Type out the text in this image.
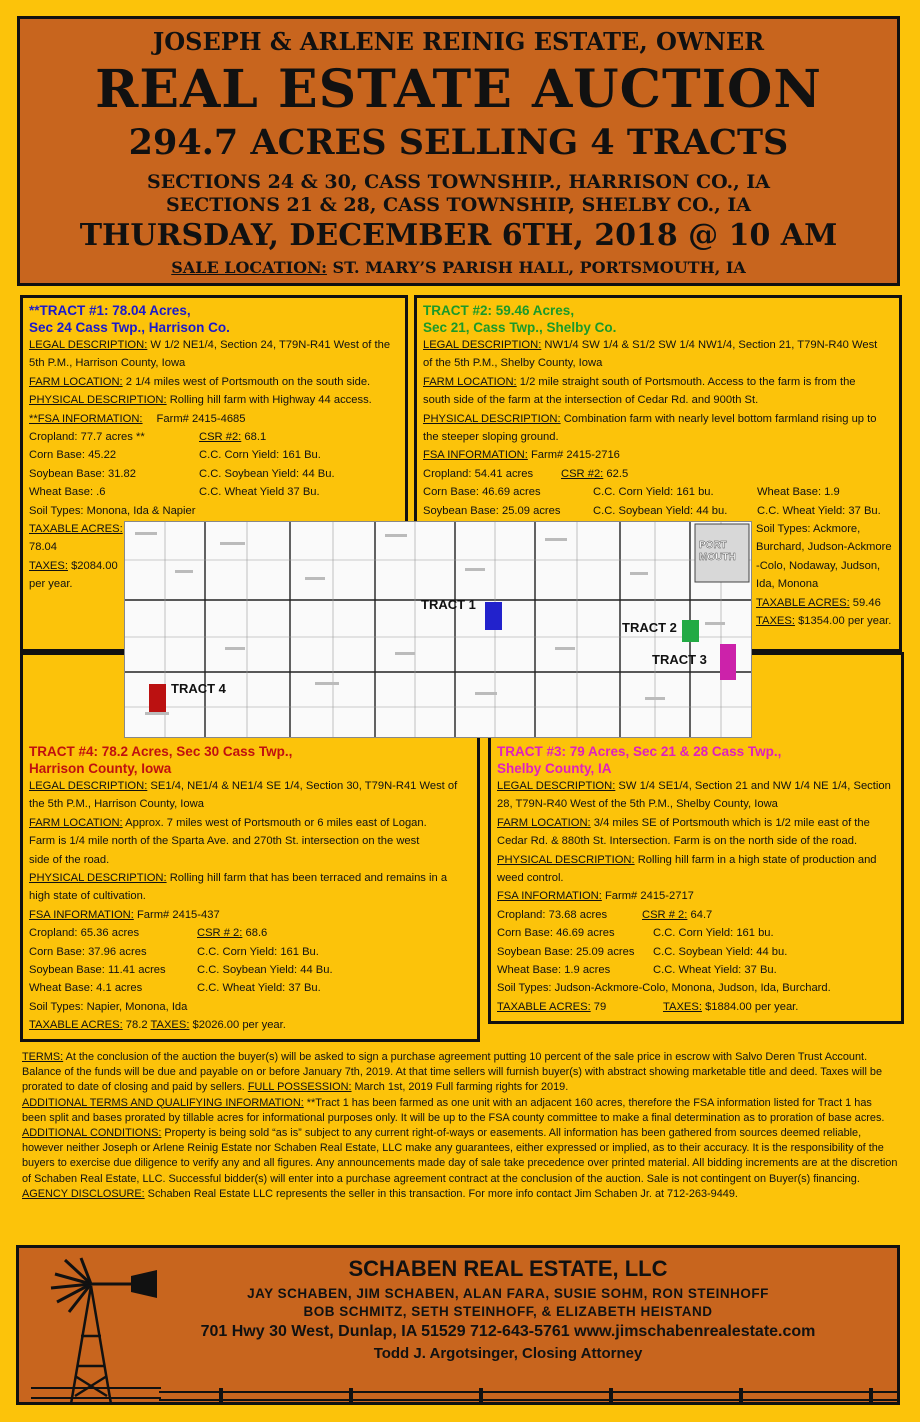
JOSEPH & ARLENE REINIG ESTATE, OWNER
REAL ESTATE AUCTION
294.7 ACRES SELLING 4 TRACTS
SECTIONS 24 & 30, CASS TOWNSHIP., HARRISON CO., IA
SECTIONS 21 & 28, CASS TOWNSHIP, SHELBY CO., IA
THURSDAY, DECEMBER 6TH, 2018 @ 10 AM
SALE LOCATION: ST. MARY’S PARISH HALL, PORTSMOUTH, IA
**TRACT #1: 78.04 Acres,
Sec 24 Cass Twp., Harrison Co.
LEGAL DESCRIPTION: W 1/2 NE1/4, Section 24, T79N-R41 West of the
5th P.M., Harrison County, Iowa
FARM LOCATION: 2 1/4 miles west of Portsmouth on the south side.
PHYSICAL DESCRIPTION: Rolling hill farm with Highway 44 access.
**FSA INFORMATION: Farm# 2415-4685
Cropland: 77.7 acres **	CSR #2: 68.1
Corn Base: 45.22	C.C. Corn Yield: 161 Bu.
Soybean Base: 31.82	C.C. Soybean Yield: 44 Bu.
Wheat Base: .6	C.C. Wheat Yield 37 Bu.
Soil Types: Monona, Ida & Napier
TAXABLE ACRES:
78.04
TAXES: $2084.00
per year.
TRACT #2: 59.46 Acres,
Sec 21, Cass Twp., Shelby Co.
LEGAL DESCRIPTION: NW1/4 SW 1/4 & S1/2 SW 1/4 NW1/4, Section 21, T79N-R40 West
of the 5th P.M., Shelby County, Iowa
FARM LOCATION: 1/2 mile straight south of Portsmouth. Access to the farm is from the
south side of the farm at the intersection of Cedar Rd. and 900th St.
PHYSICAL DESCRIPTION: Combination farm with nearly level bottom farmland rising up to
the steeper sloping ground.
FSA INFORMATION: Farm# 2415-2716
Cropland: 54.41 acres CSR #2: 62.5
Corn Base: 46.69 acres	C.C. Corn Yield: 161 bu.	Wheat Base: 1.9
Soybean Base: 25.09 acres	C.C. Soybean Yield: 44 bu.	C.C. Wheat Yield: 37 Bu.
Soil Types: Ackmore,
Burchard, Judson-Ackmore
-Colo, Nodaway, Judson,
Ida, Monona
TAXABLE ACRES: 59.46
TAXES: $1354.00 per year.
TRACT #4: 78.2 Acres, Sec 30 Cass Twp.,
Harrison County, Iowa
LEGAL DESCRIPTION: SE1/4, NE1/4 & NE1/4 SE 1/4, Section 30, T79N-R41 West of
the 5th P.M., Harrison County, Iowa
FARM LOCATION: Approx. 7 miles west of Portsmouth or 6 miles east of Logan.
Farm is 1/4 mile north of the Sparta Ave. and 270th St. intersection on the west
side of the road.
PHYSICAL DESCRIPTION: Rolling hill farm that has been terraced and remains in a
high state of cultivation.
FSA INFORMATION: Farm# 2415-437
Cropland: 65.36 acres	CSR # 2: 68.6
Corn Base: 37.96 acres	C.C. Corn Yield: 161 Bu.
Soybean Base: 11.41 acres	C.C. Soybean Yield: 44 Bu.
Wheat Base: 4.1 acres	C.C. Wheat Yield: 37 Bu.
Soil Types: Napier, Monona, Ida
TAXABLE ACRES: 78.2 TAXES: $2026.00 per year.
TRACT #3: 79 Acres, Sec 21 & 28 Cass Twp.,
Shelby County, IA
LEGAL DESCRIPTION: SW 1/4 SE1/4, Section 21 and NW 1/4 NE 1/4, Section
28, T79N-R40 West of the 5th P.M., Shelby County, Iowa
FARM LOCATION: 3/4 miles SE of Portsmouth which is 1/2 mile east of the
Cedar Rd. & 880th St. Intersection. Farm is on the north side of the road.
PHYSICAL DESCRIPTION: Rolling hill farm in a high state of production and
weed control.
FSA INFORMATION: Farm# 2415-2717
Cropland: 73.68 acres	CSR # 2: 64.7
Corn Base: 46.69 acres	C.C. Corn Yield: 161 bu.
Soybean Base: 25.09 acres C.C. Soybean Yield: 44 bu.
Wheat Base: 1.9 acres	C.C. Wheat Yield: 37 Bu.
Soil Types: Judson-Ackmore-Colo, Monona, Judson, Ida, Burchard.
TAXABLE ACRES: 79	TAXES: $1884.00 per year.
TRACT 1
TRACT 2
TRACT 3
TRACT 4
PORT
MOUTH
TERMS: At the conclusion of the auction the buyer(s) will be asked to sign a purchase agreement putting 10 percent of the sale price in escrow with Salvo Deren Trust Account. Balance of the funds will be due and payable on or before January 7th, 2019. At that time sellers will furnish buyer(s) with abstract showing marketable title and deed. Taxes will be prorated to date of closing and paid by sellers. FULL POSSESSION: March 1st, 2019 Full farming rights for 2019.
ADDITIONAL TERMS AND QUALIFYING INFORMATION: **Tract 1 has been farmed as one unit with an adjacent 160 acres, therefore the FSA information listed for Tract 1 has been split and bases prorated by tillable acres for informational purposes only. It will be up to the FSA county committee to make a final determination as to proration of base acres.
ADDITIONAL CONDITIONS: Property is being sold “as is” subject to any current right-of-ways or easements. All information has been gathered from sources deemed reliable, however neither Joseph or Arlene Reinig Estate nor Schaben Real Estate, LLC make any guarantees, either expressed or implied, as to their accuracy. It is the responsibility of the buyers to exercise due diligence to verify any and all figures. Any announcements made day of sale take precedence over printed material. All bidding increments are at the discretion of Schaben Real Estate, LLC. Successful bidder(s) will enter into a purchase agreement contract at the conclusion of the auction. Sale is not contingent on Buyer(s) financing.
AGENCY DISCLOSURE: Schaben Real Estate LLC represents the seller in this transaction. For more info contact Jim Schaben Jr. at 712-263-9449.
SCHABEN REAL ESTATE, LLC
JAY SCHABEN, JIM SCHABEN, ALAN FARA, SUSIE SOHM, RON STEINHOFF
BOB SCHMITZ, SETH STEINHOFF, & ELIZABETH HEISTAND
701 Hwy 30 West, Dunlap, IA 51529 712-643-5761 www.jimschabenrealestate.com
Todd J. Argotsinger, Closing Attorney
